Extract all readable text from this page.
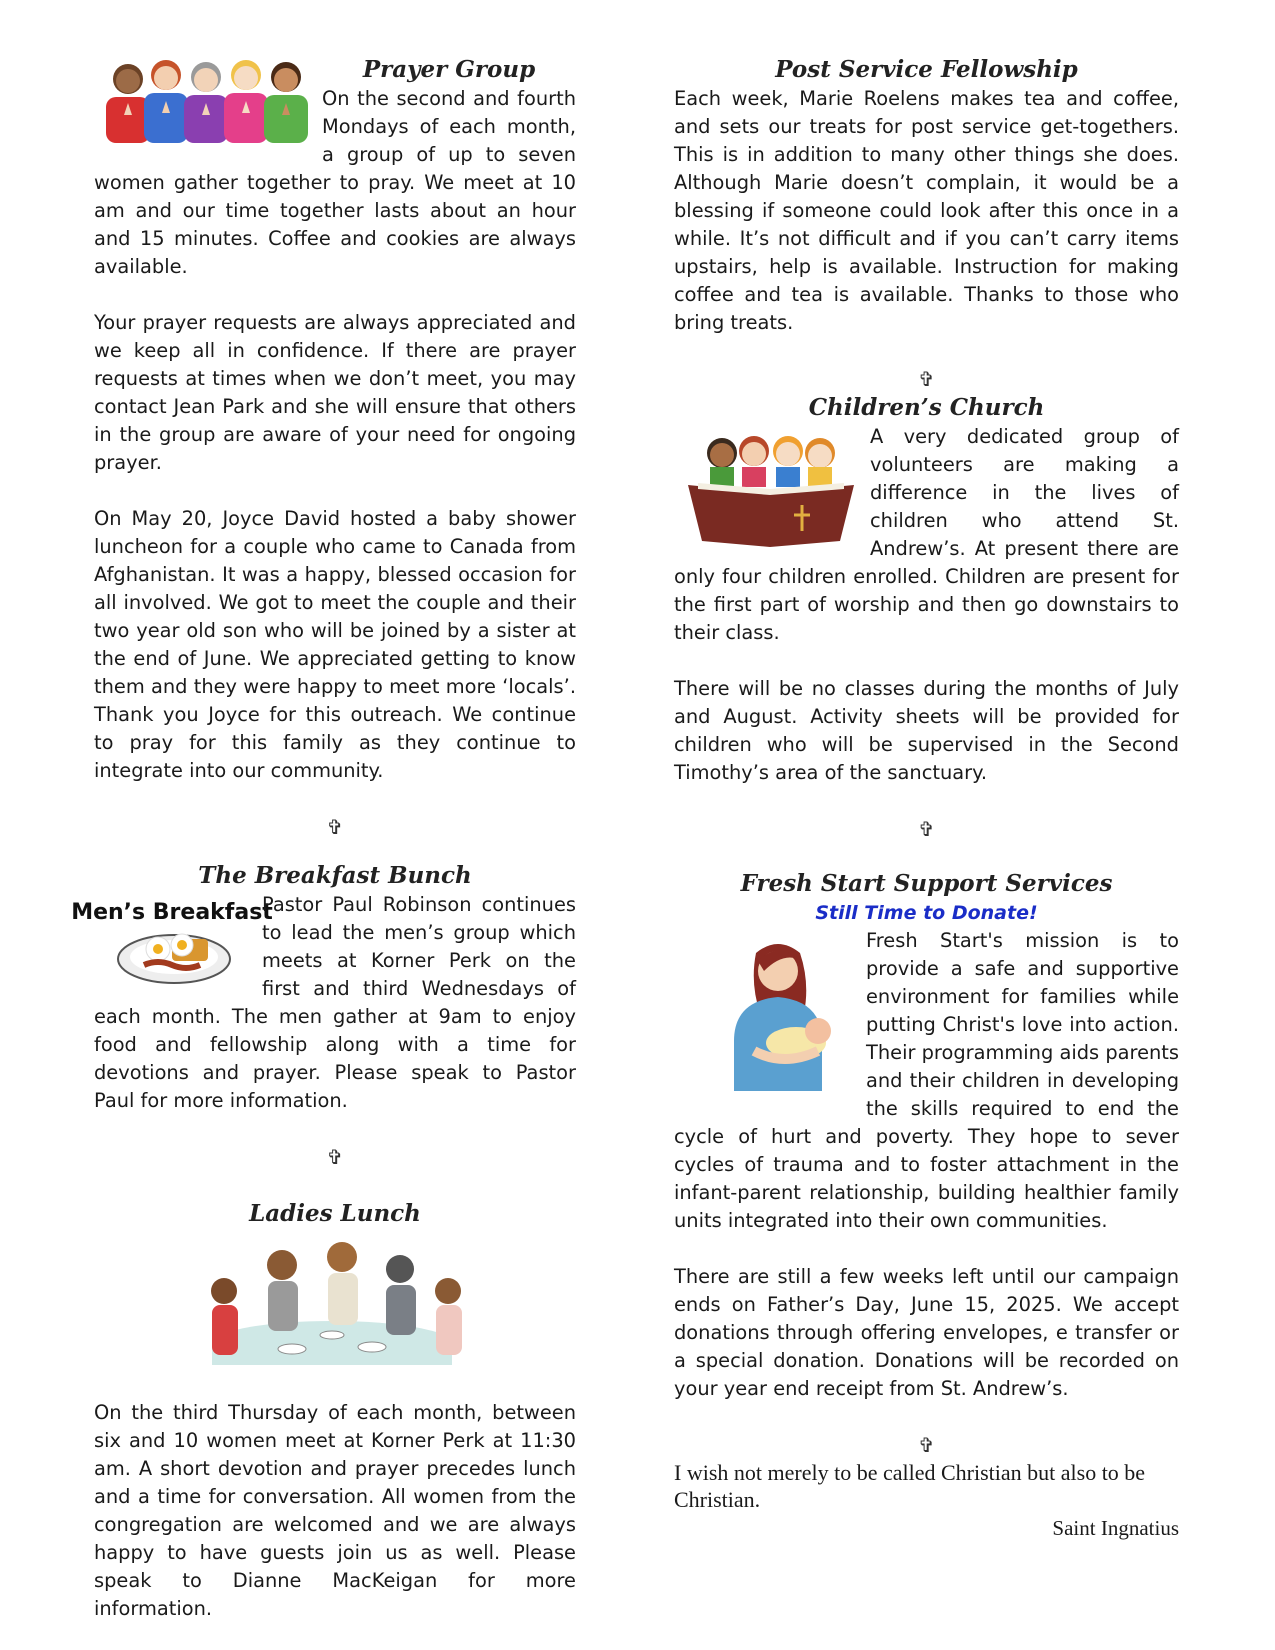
Prayer Group

On the second and fourth Mondays of each month, a group of up to seven women gather together to pray. We meet at 10 am and our time together lasts about an hour and 15 minutes. Coffee and cookies are always available.

Your prayer requests are always appreciated and we keep all in confidence. If there are prayer requests at times when we don’t meet, you may contact Jean Park and she will ensure that others in the group are aware of your need for ongoing prayer.

On May 20, Joyce David hosted a baby shower luncheon for a couple who came to Canada from Afghanistan. It was a happy, blessed occasion for all involved. We got to meet the couple and their two year old son who will be joined by a sister at the end of June. We appreciated getting to know them and they were happy to meet more ‘locals’. Thank you Joyce for this outreach. We continue to pray for this family as they continue to integrate into our community.

✞
The Breakfast Bunch
Men’s Breakfast

Pastor Paul Robinson continues to lead the men’s group which meets at Korner Perk on the first and third Wednesdays of each month. The men gather at 9am to enjoy food and fellowship along with a time for devotions and prayer. Please speak to Pastor Paul for more information.

✞
Ladies Lunch

On the third Thursday of each month, between six and 10 women meet at Korner Perk at 11:30 am. A short devotion and prayer precedes lunch and a time for conversation. All women from the congregation are welcomed and we are always happy to have guests join us as well. Please speak to Dianne MacKeigan for more information.

Post Service Fellowship

Each week, Marie Roelens makes tea and coffee, and sets our treats for post service get-togethers. This is in addition to many other things she does. Although Marie doesn’t complain, it would be a blessing if someone could look after this once in a while. It’s not difficult and if you can’t carry items upstairs, help is available. Instruction for making coffee and tea is available. Thanks to those who bring treats.

✞
Children’s Church

A very dedicated group of volunteers are making a difference in the lives of children who attend St. Andrew’s. At present there are only four children enrolled. Children are present for the first part of worship and then go downstairs to their class.

There will be no classes during the months of July and August. Activity sheets will be provided for children who will be supervised in the Second Timothy’s area of the sanctuary.

✞
Fresh Start Support Services
Still Time to Donate!

Fresh Start's mission is to provide a safe and supportive environment for families while putting Christ's love into action. Their programming aids parents and their children in developing the skills required to end the cycle of hurt and poverty. They hope to sever cycles of trauma and to foster attachment in the infant-parent relationship, building healthier family units integrated into their own communities.

There are still a few weeks left until our campaign ends on Father’s Day, June 15, 2025. We accept donations through offering envelopes, e transfer or a special donation. Donations will be recorded on your year end receipt from St. Andrew’s.

✞
I wish not merely to be called Christian but also to be Christian.
Saint Ingnatius
